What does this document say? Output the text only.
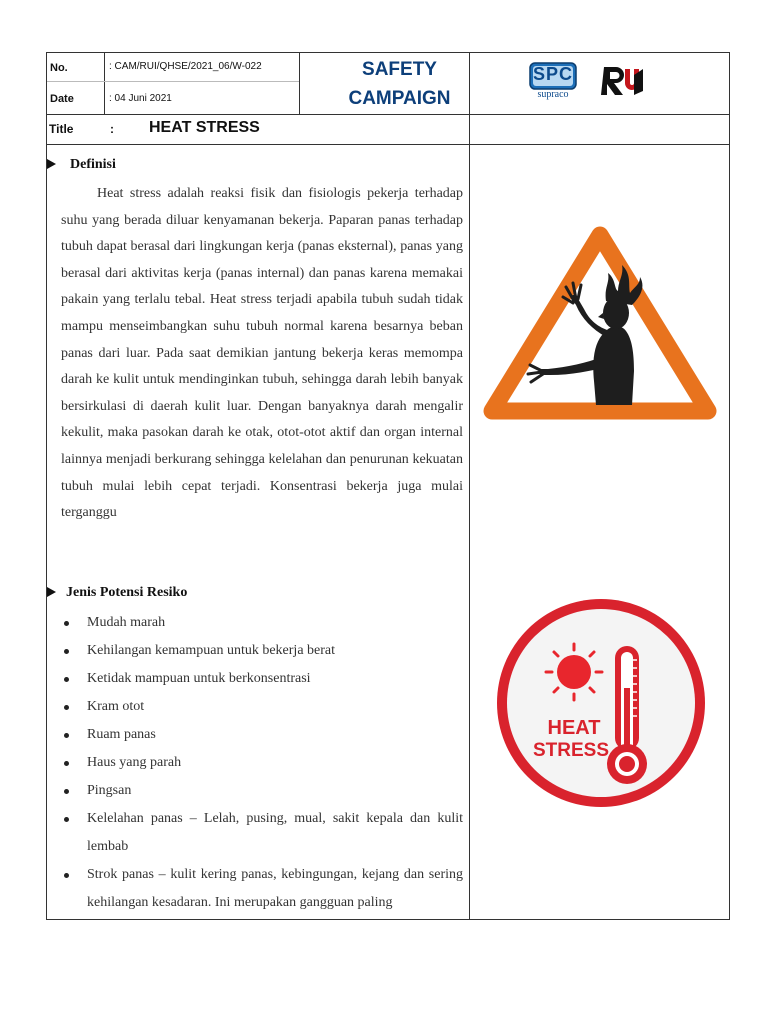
No.	: CAM/RUI/QHSE/2021_06/W-022
Date	: 04 Juni 2021
SAFETY
CAMPAIGN
SPC
supraco
Title	: HEAT STRESS
Definisi
Heat stress adalah reaksi fisik dan fisiologis pekerja terhadap suhu yang berada diluar kenyamanan bekerja. Paparan panas terhadap tubuh dapat berasal dari lingkungan kerja (panas eksternal), panas yang berasal dari aktivitas kerja (panas internal) dan panas karena memakai pakain yang terlalu tebal. Heat stress terjadi apabila tubuh sudah tidak mampu menseimbangkan suhu tubuh normal karena besarnya beban panas dari luar. Pada saat demikian jantung bekerja keras memompa darah ke kulit untuk mendinginkan tubuh, sehingga darah lebih banyak bersirkulasi di daerah kulit luar. Dengan banyaknya darah mengalir kekulit, maka pasokan darah ke otak, otot-otot aktif dan organ internal lainnya menjadi berkurang sehingga kelelahan dan penurunan kekuatan tubuh mulai lebih cepat terjadi. Konsentrasi bekerja juga mulai terganggu
Jenis Potensi Resiko
Mudah marah
Kehilangan kemampuan untuk bekerja berat
Ketidak mampuan untuk berkonsentrasi
Kram otot
Ruam panas
Haus yang parah
Pingsan
Kelelahan panas – Lelah, pusing, mual, sakit kepala dan kulit lembab
Strok panas – kulit kering panas, kebingungan, kejang dan sering kehilangan kesadaran. Ini merupakan gangguan paling
HEAT
STRESS
